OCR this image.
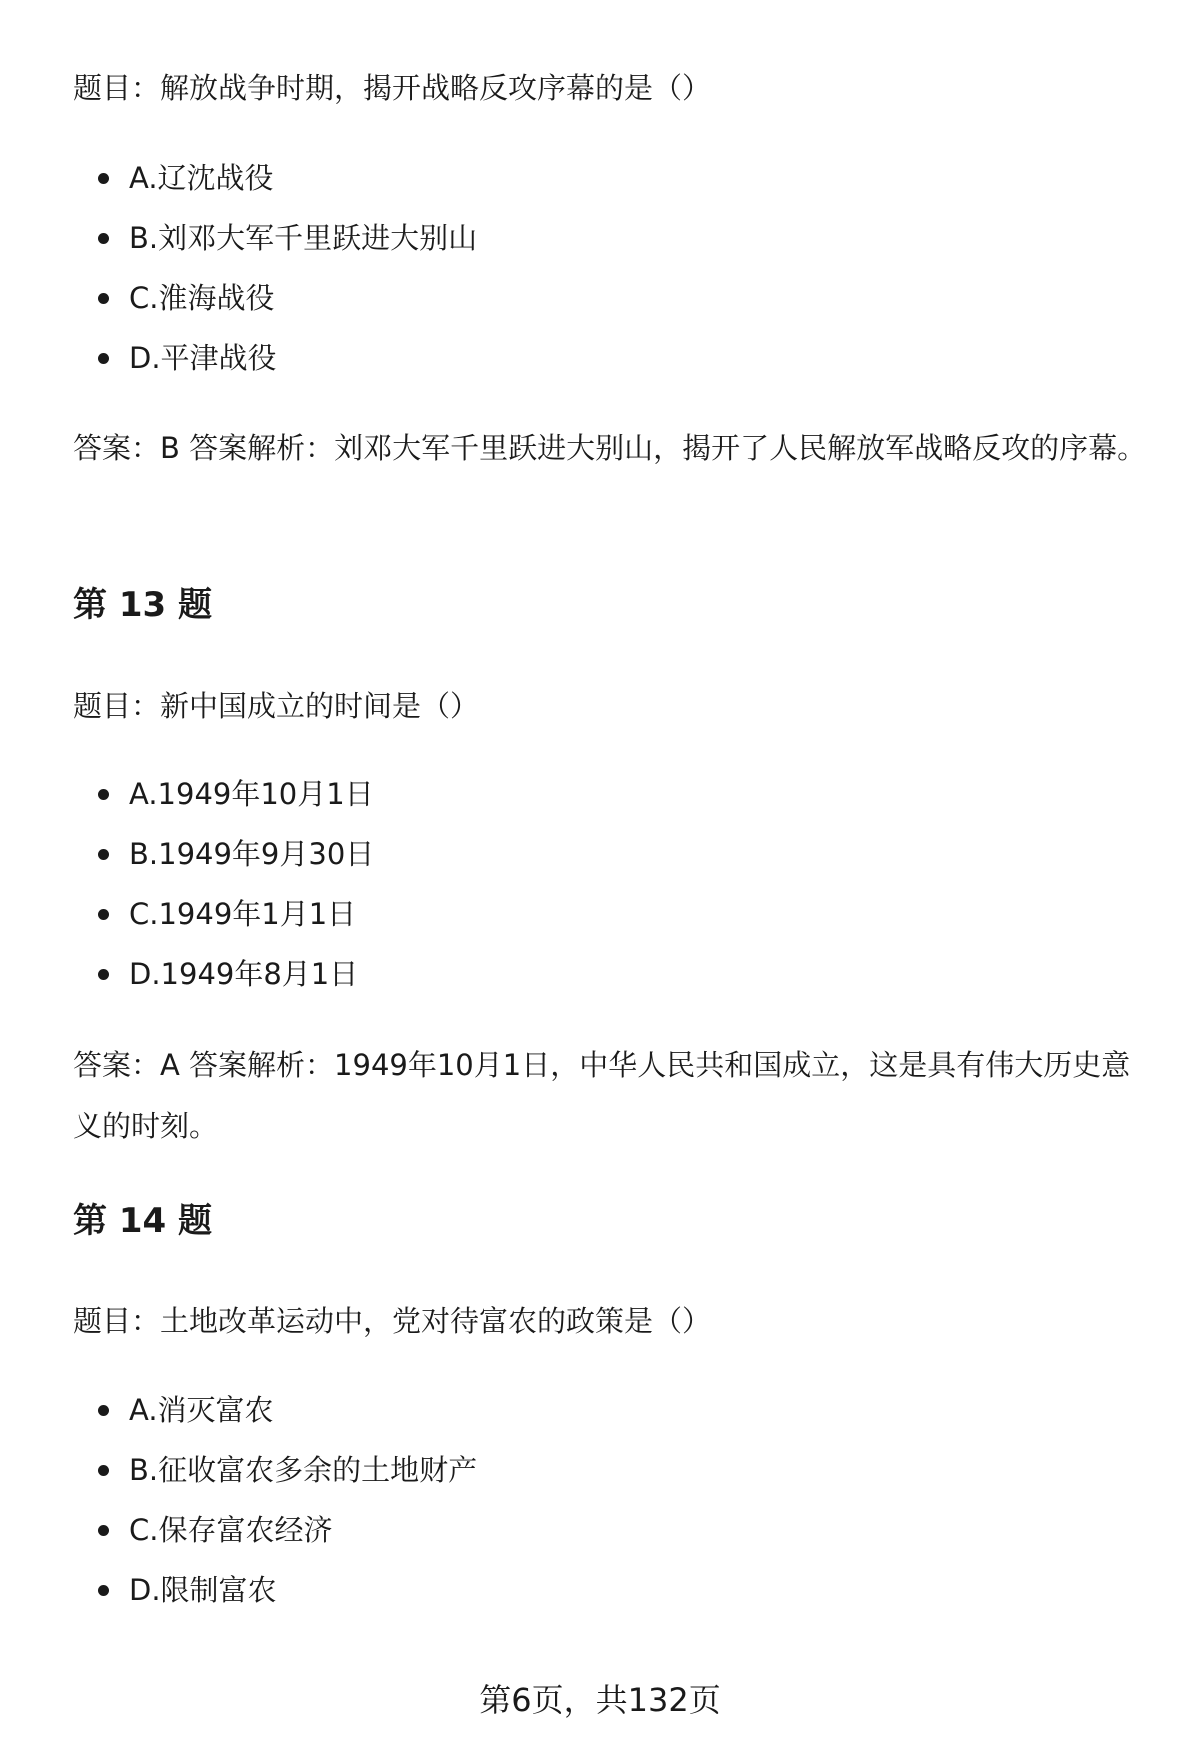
题目：解放战争时期，揭开战略反攻序幕的是（）
A.辽沈战役
B.刘邓大军千里跃进大别山
C.淮海战役
D.平津战役
答案：B 答案解析：刘邓大军千里跃进大别山，揭开了人民解放军战略反攻的序幕。
第 13 题
题目：新中国成立的时间是（）
A.1949年10月1日
B.1949年9月30日
C.1949年1月1日
D.1949年8月1日
答案：A 答案解析：1949年10月1日，中华人民共和国成立，这是具有伟大历史意义的时刻。
第 14 题
题目：土地改革运动中，党对待富农的政策是（）
A.消灭富农
B.征收富农多余的土地财产
C.保存富农经济
D.限制富农
第6页，共132页
